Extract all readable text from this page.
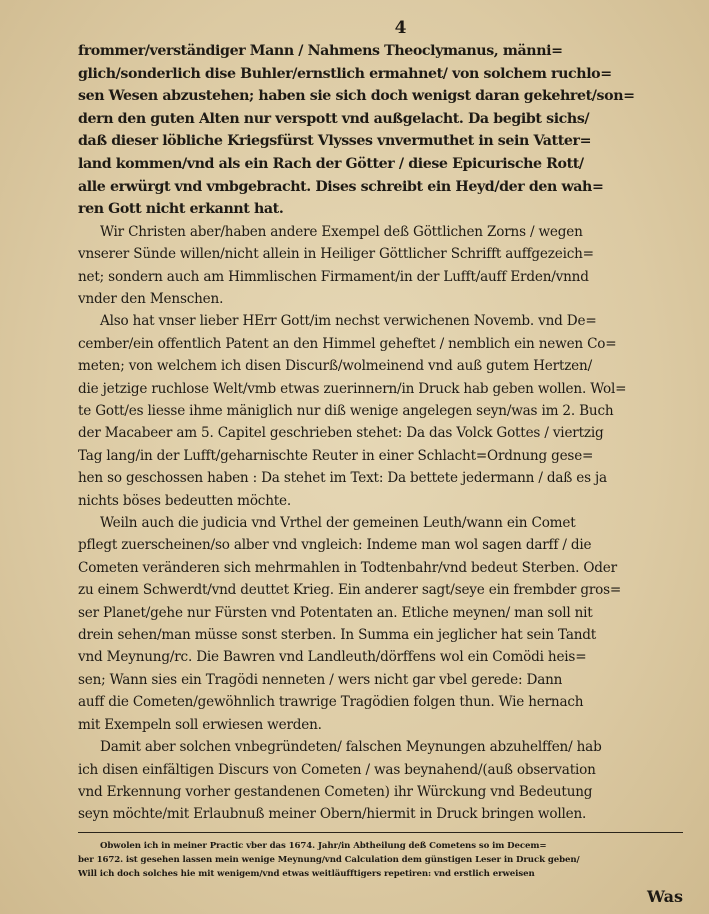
4
frommer/verständiger Mann / Nahmens Theoclymanus, männi=
glich/sonderlich dise Buhler/ernstlich ermahnet/ von solchem ruchlo=
sen Wesen abzustehen; haben sie sich doch wenigst daran gekehret/son=
dern den guten Alten nur verspott vnd außgelacht. Da begibt sichs/
daß dieser löbliche Kriegsfürst Vlysses vnvermuthet in sein Vatter=
land kommen/vnd als ein Rach der Götter / diese Epicurische Rott/
alle erwürgt vnd vmbgebracht. Dises schreibt ein Heyd/der den wah=
ren Gott nicht erkannt hat.
Wir Christen aber/haben andere Exempel deß Göttlichen Zorns / wegen
vnserer Sünde willen/nicht allein in Heiliger Göttlicher Schrifft auffgezeich=
net; sondern auch am Himmlischen Firmament/in der Lufft/auff Erden/vnnd
vnder den Menschen.
Also hat vnser lieber HErr Gott/im nechst verwichenen Novemb. vnd De=
cember/ein offentlich Patent an den Himmel geheftet / nemblich ein newen Co=
meten; von welchem ich disen Discurß/wolmeinend vnd auß gutem Hertzen/
die jetzige ruchlose Welt/vmb etwas zuerinnern/in Druck hab geben wollen. Wol=
te Gott/es liesse ihme mäniglich nur diß wenige angelegen seyn/was im 2. Buch
der Macabeer am 5. Capitel geschrieben stehet: Da das Volck Gottes / viertzig
Tag lang/in der Lufft/geharnischte Reuter in einer Schlacht=Ordnung gese=
hen so geschossen haben : Da stehet im Text: Da bettete jedermann / daß es ja
nichts böses bedeutten möchte.
Weiln auch die judicia vnd Vrthel der gemeinen Leuth/wann ein Comet
pflegt zuerscheinen/so alber vnd vngleich: Indeme man wol sagen darff / die
Cometen veränderen sich mehrmahlen in Todtenbahr/vnd bedeut Sterben. Oder
zu einem Schwerdt/vnd deuttet Krieg. Ein anderer sagt/seye ein frembder gros=
ser Planet/gehe nur Fürsten vnd Potentaten an. Etliche meynen/ man soll nit
drein sehen/man müsse sonst sterben. In Summa ein jeglicher hat sein Tandt
vnd Meynung/rc. Die Bawren vnd Landleuth/dörffens wol ein Comödi heis=
sen; Wann sies ein Tragödi nenneten / wers nicht gar vbel gerede: Dann
auff die Cometen/gewöhnlich trawrige Tragödien folgen thun. Wie hernach
mit Exempeln soll erwiesen werden.
Damit aber solchen vnbegründeten/ falschen Meynungen abzuhelffen/ hab
ich disen einfältigen Discurs von Cometen / was beynahend/(auß observation
vnd Erkennung vorher gestandenen Cometen) ihr Würckung vnd Bedeutung
seyn möchte/mit Erlaubnuß meiner Obern/hiermit in Druck bringen wollen.
Obwolen ich in meiner Practic vber das 1674. Jahr/in Abtheilung deß Cometens so im Decem=
ber 1672. ist gesehen lassen mein wenige Meynung/vnd Calculation dem günstigen Leser in Druck geben/
Will ich doch solches hie mit wenigem/vnd etwas weitläufftigers repetiren: vnd erstlich erweisen
Was
